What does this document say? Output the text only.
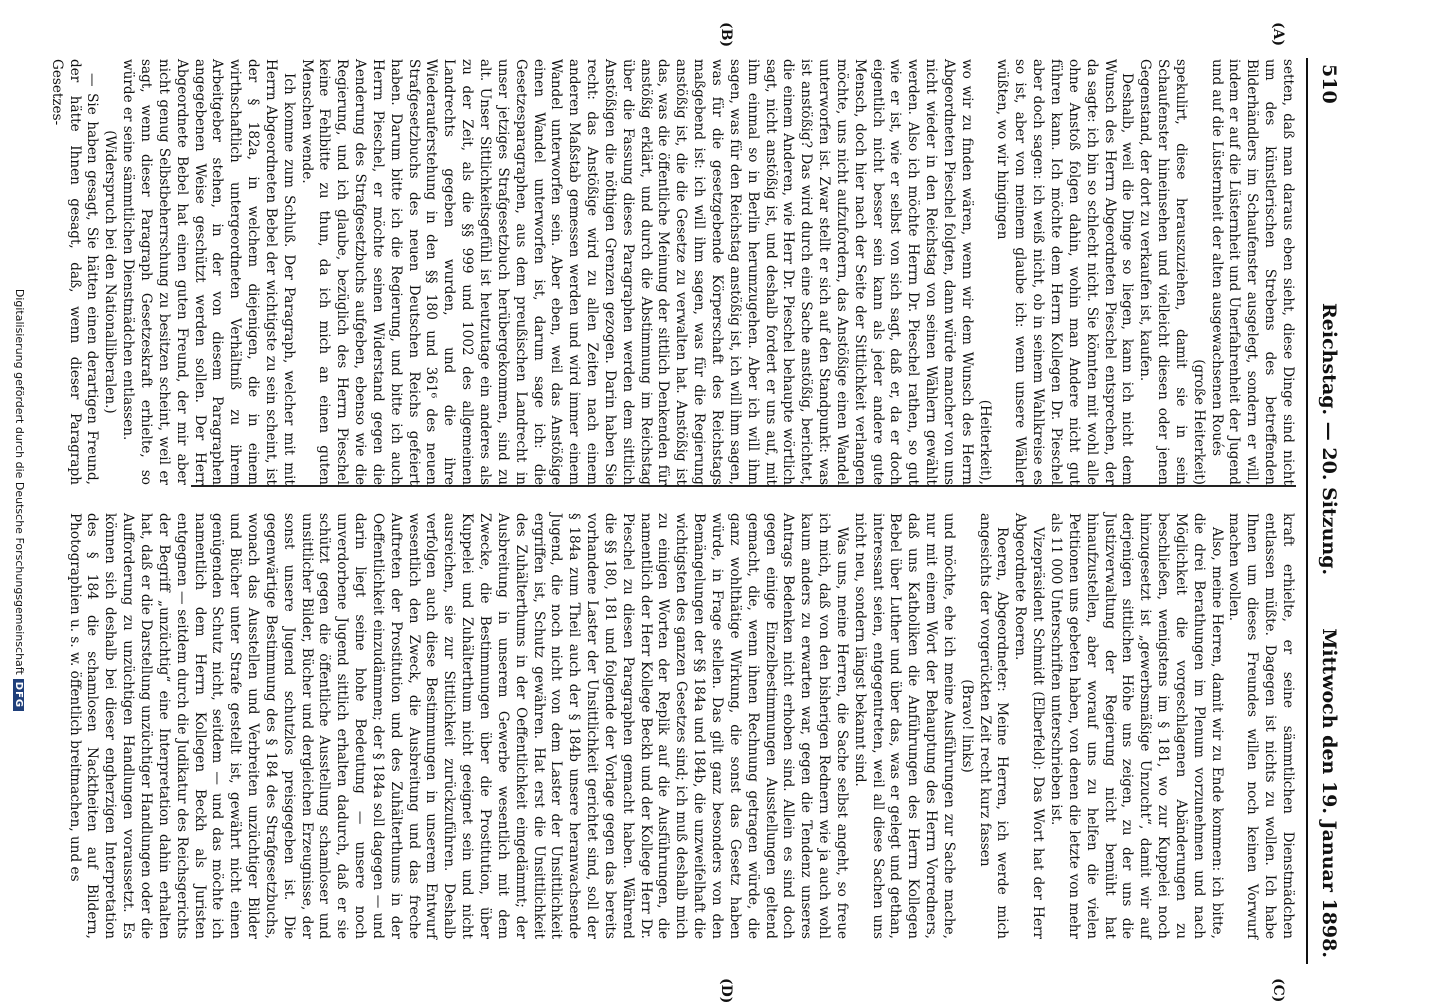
510
Reichstag. — 20. Sitzung.
Mittwoch den 19. Januar 1898.
(A)
(B)
(C)
(D)

setten, daß man daraus eben sieht, diese Dinge sind nicht um des künstlerischen Strebens des betreffenden Bilderhändlers im Schaufenster ausgelegt, sondern er will, indem er auf die Lüsternheit und Unerfahrenheit der Jugend und auf die Lüsternheit der alten ausgewachsenen Roués

(große Heiterkeit)

spekulirt, diese herauszuziehen, damit sie in sein Schaufenster hineinsehen und vielleicht diesen oder jenen Gegenstand, der dort zu verkaufen ist, kaufen.

Deshalb, weil die Dinge so liegen, kann ich nicht dem Wunsch des Herrn Abgeordneten Pieschel entsprechen, der da sagte: ich bin so schlecht nicht. Sie könnten mit wohl alle ohne Anstoß folgen dahin, wohin man Andere nicht gut führen kann. Ich möchte dem Herrn Kollegen Dr. Pieschel aber doch sagen: ich weiß nicht, ob in seinem Wahlkreise es so ist, aber von meinem glaube ich: wenn unsere Wähler wüßten, wo wir hingingen

(Heiterkeit),

wo wir zu finden wären, wenn wir dem Wunsch des Herrn Abgeordneten Pieschel folgten, dann würde mancher von uns nicht wieder in den Reichstag von seinen Wählern gewählt werden. Also ich möchte Herrn Dr. Pieschel rathen, so gut wie er ist, wie er selbst von sich sagt, daß er, da er doch eigentlich nicht besser sein kann als jeder andere gute Mensch, doch hier nach der Seite der Sittlichkeit verlangen möchte, uns nicht aufzufordern, das Anstößige einen Wandel unterworfen ist. Zwar stellt er sich auf den Standpunkt: was ist anstößig? Das wird durch eine Sache anstößig, berichtet, die einem Anderen, wie Herr Dr. Pieschel behaupte wörtlich sagt, nicht anstößig ist, und deshalb fordert er uns auf, mit ihm einmal so in Berlin herumzugehen. Aber ich will ihm sagen, was für den Reichstag anstößig ist, ich will ihm sagen, was für die gesetzgebende Körperschaft des Reichstags maßgebend ist: ich will ihm sagen, was für die Regierung anstößig ist, die die Gesetze zu verwalten hat. Anstößig ist das, was die öffentliche Meinung der sittlich Denkenden für anstößig erklärt, und durch die Abstimmung im Reichstag über die Fassung dieses Paragraphen werden dem sittlich Anstößigen die nöthigen Grenzen gezogen. Darin haben Sie recht: das Anstößige wird zu allen Zeiten nach einem anderen Maßstab gemessen werden und wird immer einem Wandel unterworfen sein. Aber eben, weil das Anstößige einen Wandel unterworfen ist, darum sage ich: die Gesetzesparagraphen, aus dem preußischen Landrecht in unser jetziges Strafgesetzbuch herübergekommen, sind zu alt. Unser Sittlichkeitsgefühl ist heutzutage ein anderes als zu der Zeit, als die §§ 999 und 1002 des allgemeinen Landrechts gegeben wurden, und die ihre Wiederauferstehung in den §§ 180 und 361⁶ des neuen Strafgesetzbuchs des neuen Deutschen Reichs gefeiert haben. Darum bitte ich die Regierung, und bitte ich auch Herrn Pieschel, er möchte seinen Widerstand gegen die Aenderung des Strafgesetzbuchs aufgeben, ebenso wie die Regierung, und ich glaube, bezüglich des Herrn Pieschel keine Fehlbitte zu thun, da ich mich an einen guten Menschen wende.

Ich komme zum Schluß. Der Paragraph, welcher mit mit Herrn Abgeordneten Bebel der wichtigste zu sein scheint, ist der § 182a, in welchem diejenigen, die in einem wirthschaftlich untergeordneten Verhältniß zu ihrem Arbeitgeber stehen, in der von diesem Paragraphen angegebenen Weise geschützt werden sollen. Der Herr Abgeordnete Bebel hat einen guten Freund, der mir aber nicht genug Selbstbeherrschung zu besitzen scheint, weil er sagt, wenn dieser Paragraph Gesetzeskraft erhielte, so würde er seine sämmtlichen Dienstmädchen entlassen.

(Widerspruch bei den Nationalliberalen.)

— Sie haben gesagt, Sie hätten einen derartigen Freund, der hätte Ihnen gesagt, daß, wenn dieser Paragraph Gesetzes-

kraft erhielte, er seine sämmtlichen Dienstmädchen entlassen müßte. Dagegen ist nichts zu wollen. Ich habe Ihnen um dieses Freundes willen noch keinen Vorwurf machen wollen.

Also, meine Herren, damit wir zu Ende kommen: ich bitte, die drei Berathungen im Plenum vorzunehmen und nach Möglichkeit die vorgeschlagenen Abänderungen zu beschließen, wenigstens im § 181, wo zur Kuppelei noch hinzugesetzt ist „gewerbsmäßige Unzucht“, damit wir auf derjenigen sittlichen Höhe uns zeigen, zu der uns die Justizverwaltung der Regierung nicht bemüht hat hinaufzustellen, aber worauf uns zu helfen die vielen Petitionen uns gebeten haben, von denen die letzte von mehr als 11 000 Unterschriften unterschrieben ist.

Vizepräsident Schmidt (Elberfeld): Das Wort hat der Herr Abgeordnete Roeren.

Roeren, Abgeordneter: Meine Herren, ich werde mich angesichts der vorgerückten Zeit recht kurz fassen

(Bravo! links)

und möchte, ehe ich meine Ausführungen zur Sache mache, nur mit einem Wort der Behauptung des Herrn Vorredners, daß uns Katholiken die Anführungen des Herrn Kollegen Bebel über Luther und über das, was er gelegt und gethan, interessant seien, entgegentreten, weil all diese Sachen uns nicht neu, sondern längst bekannt sind.

Was uns, meine Herren, die Sache selbst angeht, so freue ich mich, daß von den bisherigen Rednern wie ja auch wohl kaum anders zu erwarten war, gegen die Tendenz unseres Antrags Bedenken nicht erhoben sind. Allein es sind doch gegen einige Einzelbestimmungen Ausstellungen geltend gemacht, die, wenn ihnen Rechnung getragen würde, die ganz wohlthätige Wirkung, die sonst das Gesetz haben würde, in Frage stellen. Das gilt ganz besonders von den Bemängelungen der §§ 184a und 184b, die unzweifelhaft die wichtigsten des ganzen Gesetzes sind; ich muß deshalb mich zu einigen Worten der Replik auf die Ausführungen, die namentlich der Herr Kollege Beckh und der Kollege Herr Dr. Pieschel zu diesen Paragraphen gemacht haben. Während die §§ 180, 181 und folgende der Vorlage gegen das bereits vorhandene Laster der Unsittlichkeit gerichtet sind, soll der § 184a zum Theil auch der § 184b unsere heranwachsende Jugend, die noch nicht von dem Laster der Unsittlichkeit ergriffen ist, Schutz gewähren. Hat erst die Unsittlichkeit des Zuhälterthums in der Oeffentlichkeit eingedämmt; der Ausbreitung in unserem Gewerbe wesentlich mit dem Zwecke, die Bestimmungen über die Prostitution, über Kuppelei und Zuhälterthum nicht geeignet sein und nicht ausreichen, sie zur Sittlichkeit zurückzuführen. Deshalb verfolgen auch diese Bestimmungen in unserem Entwurf wesentlich den Zweck, die Ausbreitung und das freche Auftreten der Prostitution und des Zuhälterthums in der Oeffentlichkeit einzudämmen; der § 184a soll dagegen — und darin liegt seine hohe Bedeutung — unsere noch unverdorbene Jugend sittlich erhalten dadurch, daß er sie schützt gegen die öffentliche Ausstellung schamloser und unsittlicher Bilder, Bücher und dergleichen Erzeugnisse, der sonst unsere Jugend schutzlos preisgegeben ist. Die gegenwärtige Bestimmung des § 184 des Strafgesetzbuchs, wonach das Ausstellen und Verbreiten unzüchtiger Bilder und Bücher unter Strafe gestellt ist, gewährt nicht einen genügenden Schutz nicht, seitdem — und das möchte ich namentlich dem Herrn Kollegen Beckh als Juristen entgegnen — seitdem durch die Judikatur des Reichsgerichts der Begriff „unzüchtig“ eine Interpretation dahin erhalten hat, daß er die Darstellung unzüchtiger Handlungen oder die Aufforderung zu unzüchtigen Handlungen voraussetzt. Es können sich deshalb bei dieser engherzigen Interpretation des § 184 die schamlosen Nacktheiten auf Bildern, Photographien u. s. w. öffentlich breitmachen, und es

Digitalisierung gefördert durch die Deutsche ForschungsgemeinschaftDFG
